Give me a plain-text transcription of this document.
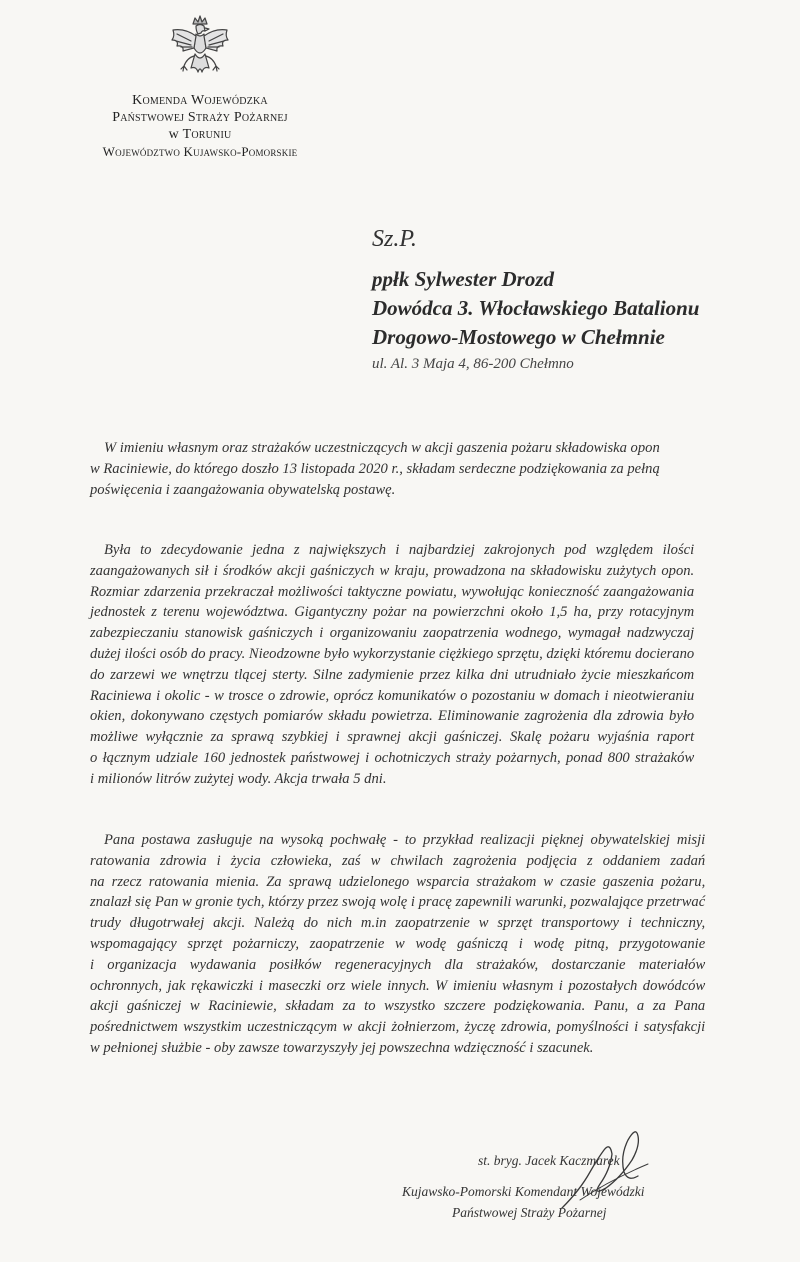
Komenda Wojewódzka
Państwowej Straży Pożarnej
w Toruniu
Województwo Kujawsko-Pomorskie
Sz.P.
ppłk Sylwester Drozd
Dowódca 3. Włocławskiego Batalionu
Drogowo-Mostowego w Chełmnie
ul. Al. 3 Maja 4, 86-200 Chełmno

W imieniu własnym oraz strażaków uczestniczących w akcji gaszenia pożaru składowiska opon
w Raciniewie, do którego doszło 13 listopada 2020 r., składam serdeczne podziękowania za pełną
poświęcenia i zaangażowania obywatelską postawę.

Była to zdecydowanie jedna z największych i najbardziej zakrojonych pod względem ilości
zaangażowanych sił i środków akcji gaśniczych w kraju, prowadzona na składowisku zużytych opon.
Rozmiar zdarzenia przekraczał możliwości taktyczne powiatu, wywołując konieczność zaangażowania
jednostek z terenu województwa. Gigantyczny pożar na powierzchni około 1,5 ha, przy rotacyjnym
zabezpieczaniu stanowisk gaśniczych i organizowaniu zaopatrzenia wodnego, wymagał nadzwyczaj
dużej ilości osób do pracy. Nieodzowne było wykorzystanie ciężkiego sprzętu, dzięki któremu docierano
do zarzewi we wnętrzu tlącej sterty. Silne zadymienie przez kilka dni utrudniało życie mieszkańcom
Raciniewa i okolic - w trosce o zdrowie, oprócz komunikatów o pozostaniu w domach i nieotwieraniu
okien, dokonywano częstych pomiarów składu powietrza. Eliminowanie zagrożenia dla zdrowia było
możliwe wyłącznie za sprawą szybkiej i sprawnej akcji gaśniczej. Skalę pożaru wyjaśnia raport
o łącznym udziale 160 jednostek państwowej i ochotniczych straży pożarnych, ponad 800 strażaków
i milionów litrów zużytej wody. Akcja trwała 5 dni.

Pana postawa zasługuje na wysoką pochwałę - to przykład realizacji pięknej obywatelskiej misji
ratowania zdrowia i życia człowieka, zaś w chwilach zagrożenia podjęcia z oddaniem zadań
na rzecz ratowania mienia. Za sprawą udzielonego wsparcia strażakom w czasie gaszenia pożaru,
znalazł się Pan w gronie tych, którzy przez swoją wolę i pracę zapewnili warunki, pozwalające przetrwać
trudy długotrwałej akcji. Należą do nich m.in zaopatrzenie w sprzęt transportowy i techniczny,
wspomagający sprzęt pożarniczy, zaopatrzenie w wodę gaśniczą i wodę pitną, przygotowanie
i organizacja wydawania posiłków regeneracyjnych dla strażaków, dostarczanie materiałów
ochronnych, jak rękawiczki i maseczki orz wiele innych. W imieniu własnym i pozostałych dowódców
akcji gaśniczej w Raciniewie, składam za to wszystko szczere podziękowania. Panu, a za Pana
pośrednictwem wszystkim uczestniczącym w akcji żołnierzom, życzę zdrowia, pomyślności i satysfakcji
w pełnionej służbie - oby zawsze towarzyszyły jej powszechna wdzięczność i szacunek.

st. bryg. Jacek Kaczmarek
Kujawsko-Pomorski Komendant Wojewódzki
Państwowej Straży Pożarnej
